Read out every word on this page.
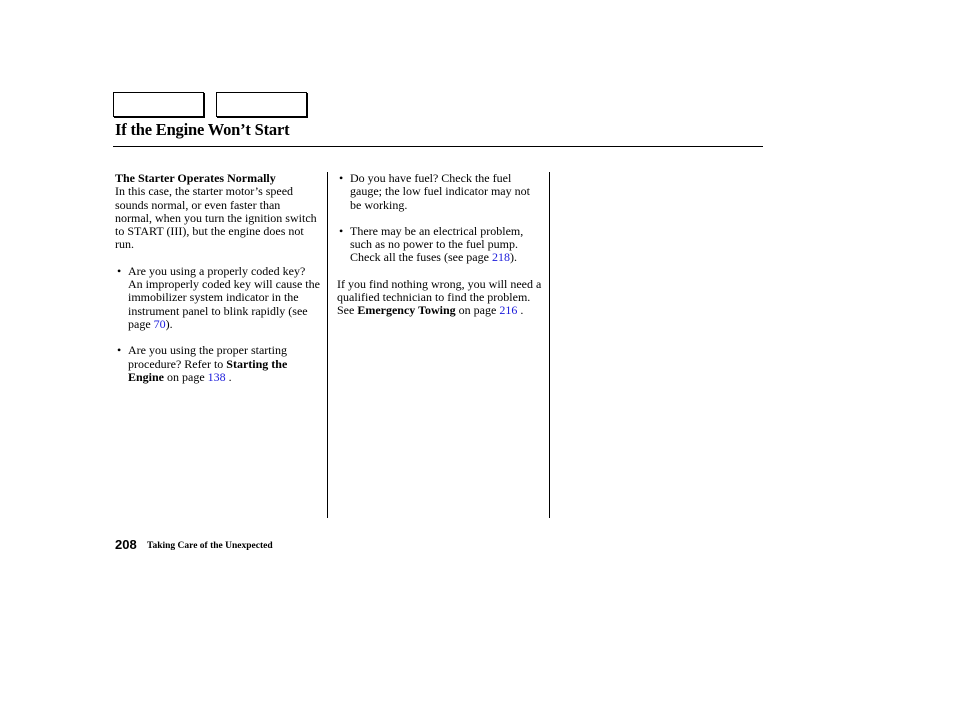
If the Engine Won’t Start

The Starter Operates Normally

In this case, the starter motor’s speed sounds normal, or even faster than normal, when you turn the ignition switch to START (III), but the engine does not run.

• Are you using a properly coded key? An improperly coded key will cause the immobilizer system indicator in the instrument panel to blink rapidly (see page 70).

• Are you using the proper starting procedure? Refer to Starting the Engine on page 138 .

• Do you have fuel? Check the fuel gauge; the low fuel indicator may not be working.

• There may be an electrical problem, such as no power to the fuel pump. Check all the fuses (see page 218).

If you find nothing wrong, you will need a qualified technician to find the problem. See Emergency Towing on page 216 .

208 Taking Care of the Unexpected
